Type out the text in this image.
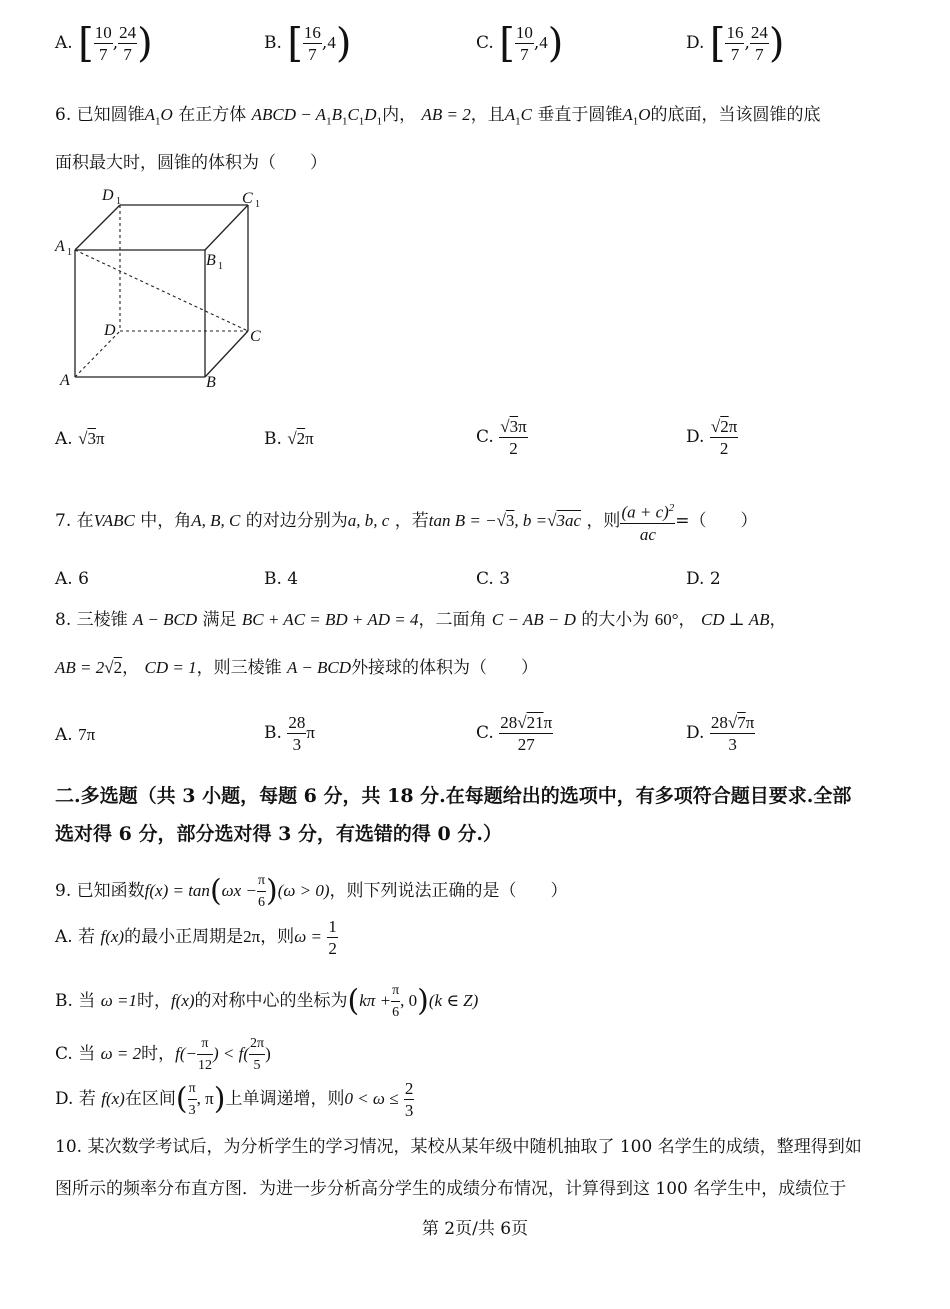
A. [ $\frac{10}{7}$ , $\frac{24}{7}$ )	B. [ $\frac{16}{7} ,4$)	C. [ $\frac{10}{7} ,4$)	D. [ $\frac{16}{7}$ , $\frac{24}{7}$ )
6. 已知圆锥$A_1O$ 在正方体 ABCD − $A_1B_1C_1D_1$内， AB = 2，且$A_1C$ 垂直于圆锥$A_1O$的底面，当该圆锥的底
面积最大时，圆锥的体积为（　　）
D 1	C 1
A 1	B 1
D	C
A	B
A. √3π	B. √2π	C. $\frac{√3\pi}{2}$	D. $\frac{√2\pi}{2}$
7. 在VABC 中，角A, B, C 的对边分别为a, b, c ，若tan B = −√3, b =√3ac ，则 $\frac{(a + c)^2}{ac}$ =（　　）
A. 6	B. 4	C. 3	D. 2
8. 三棱锥 A − BCD 满足 BC + AC = BD + AD = 4，二面角 C − AB − D 的大小为 60°， CD ⊥ AB，
AB = 2√2， CD = 1，则三棱锥 A − BCD外接球的体积为（　　）
A. 7π	B. $\frac{28}{3}$ π	C. $\frac{28√21\pi}{27}$	D. $\frac{28√7\pi}{3}$
二.多选题（共 3 小题，每题 6 分，共 18 分.在每题给出的选项中，有多项符合题目要求.全部
选对得 6 分，部分选对得 3 分，有选错的得 0 分.）
9. 已知函数$f(x) = \tan(\omega x - \frac{\pi}{6} )(\omega > 0)$，则下列说法正确的是（　　）
A. 若 f(x)的最小正周期是2π，则$\omega = \frac{1}{2}$
B. 当 ω =1时，f(x)的对称中心的坐标为($k\pi + \frac{\pi}{6}$ , 0)(k ∈ Z)
C. 当 ω = 2时，$f(- \frac{\pi}{12}$ ) < $f( \frac{2\pi}{5}$ )
D. 若 f(x)在区间( $\frac{\pi}{3}$ , π)上单调递增，则$0 < \omega \le \frac{2}{3}$
10. 某次数学考试后，为分析学生的学习情况，某校从某年级中随机抽取了 100 名学生的成绩，整理得到如
图所示的频率分布直方图．为进一步分析高分学生的成绩分布情况，计算得到这 100 名学生中，成绩位于
第 2页/共 6页
